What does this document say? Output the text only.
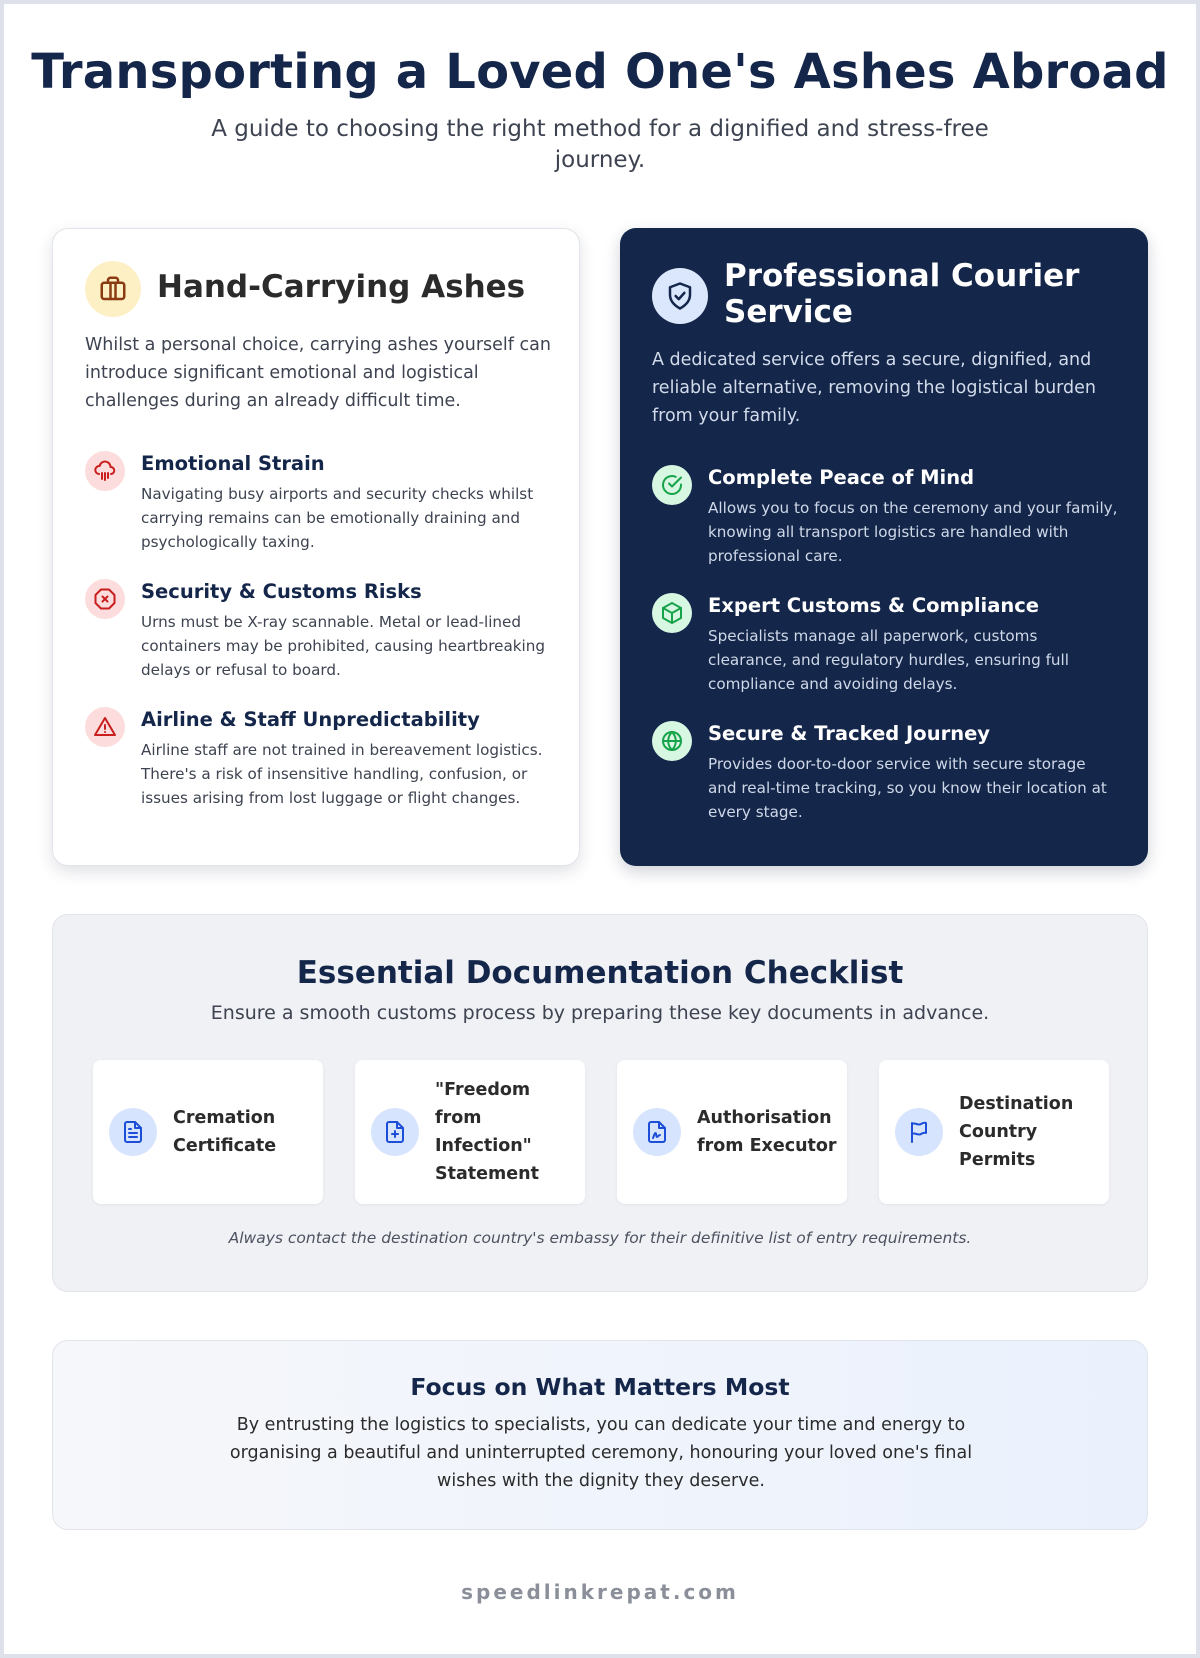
Transporting a Loved One's Ashes Abroad

A guide to choosing the right method for a dignified and stress-free journey.

Hand-Carrying Ashes

Whilst a personal choice, carrying ashes yourself can introduce significant emotional and logistical challenges during an already difficult time.

Emotional Strain

Navigating busy airports and security checks whilst carrying remains can be emotionally draining and psychologically taxing.

Security & Customs Risks

Urns must be X-ray scannable. Metal or lead-lined containers may be prohibited, causing heartbreaking delays or refusal to board.

Airline & Staff Unpredictability

Airline staff are not trained in bereavement logistics. There's a risk of insensitive handling, confusion, or issues arising from lost luggage or flight changes.

Professional Courier Service

A dedicated service offers a secure, dignified, and reliable alternative, removing the logistical burden from your family.

Complete Peace of Mind

Allows you to focus on the ceremony and your family, knowing all transport logistics are handled with professional care.

Expert Customs & Compliance

Specialists manage all paperwork, customs clearance, and regulatory hurdles, ensuring full compliance and avoiding delays.

Secure & Tracked Journey

Provides door-to-door service with secure storage and real-time tracking, so you know their location at every stage.

Essential Documentation Checklist

Ensure a smooth customs process by preparing these key documents in advance.

Cremation Certificate
"Freedom from Infection" Statement
Authorisation from Executor
Destination Country Permits

Always contact the destination country's embassy for their definitive list of entry requirements.

Focus on What Matters Most

By entrusting the logistics to specialists, you can dedicate your time and energy to organising a beautiful and uninterrupted ceremony, honouring your loved one's final wishes with the dignity they deserve.

speedlinkrepat.com
